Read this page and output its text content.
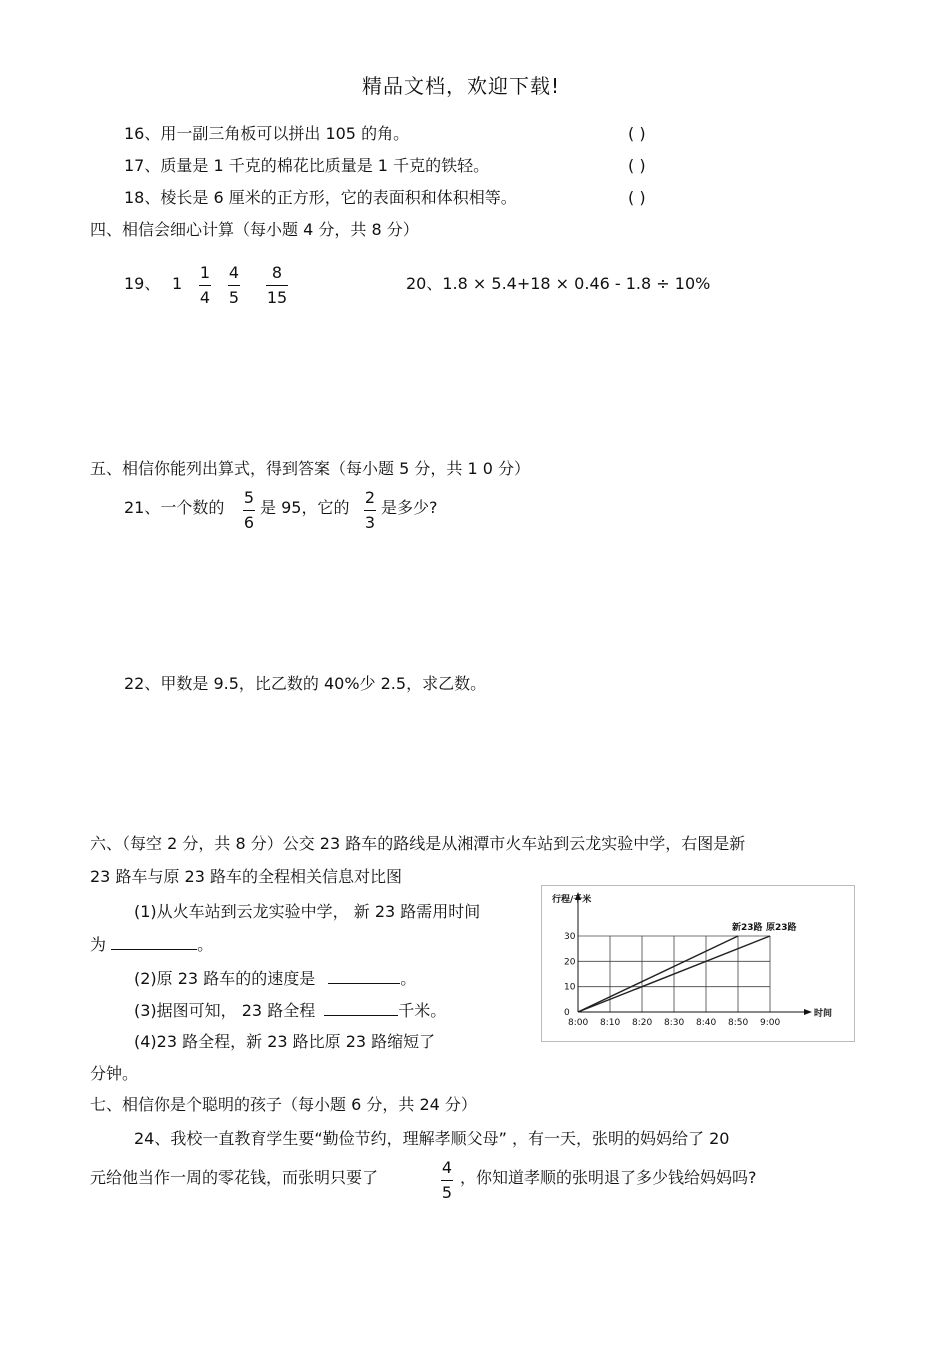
精品文档，欢迎下载!
16、用一副三角板可以拼出 105 的角。	( )
17、质量是 1 千克的棉花比质量是 1 千克的铁轻。	( )
18、棱长是 6 厘米的正方形，它的表面积和体积相等。	( )
四、相信会细心计算（每小题 4 分，共 8 分）
19、 1
1
4
4
5
8
15
20、1.8 × 5.4+18 × 0.46 - 1.8 ÷ 10%
五、相信你能列出算式，得到答案（每小题 5 分，共 1 0 分）
21、一个数的
5
6
是 95，它的
2
3
是多少?
22、甲数是 9.5，比乙数的 40%少 2.5，求乙数。
六、（每空 2 分，共 8 分）公交 23 路车的路线是从湘潭市火车站到云龙实验中学，右图是新
23 路车与原 23 路车的全程相关信息对比图
(1)从火车站到云龙实验中学， 新 23 路需用时间
为	。
(2)原 23 路车的的速度是	。
(3)据图可知， 23 路全程	千米。
(4)23 路全程，新 23 路比原 23 路缩短了
分钟。
0
10
20
30
8:00 8:10 8:20 8:30 8:40 8:50 9:00
行程/千米
时间
新23路 原23路
七、相信你是个聪明的孩子（每小题 6 分，共 24 分）
24、我校一直教育学生要“勤俭节约，理解孝顺父母” ，有一天，张明的妈妈给了 20
元给他当作一周的零花钱，而张明只要了
4
5
，你知道孝顺的张明退了多少钱给妈妈吗?
